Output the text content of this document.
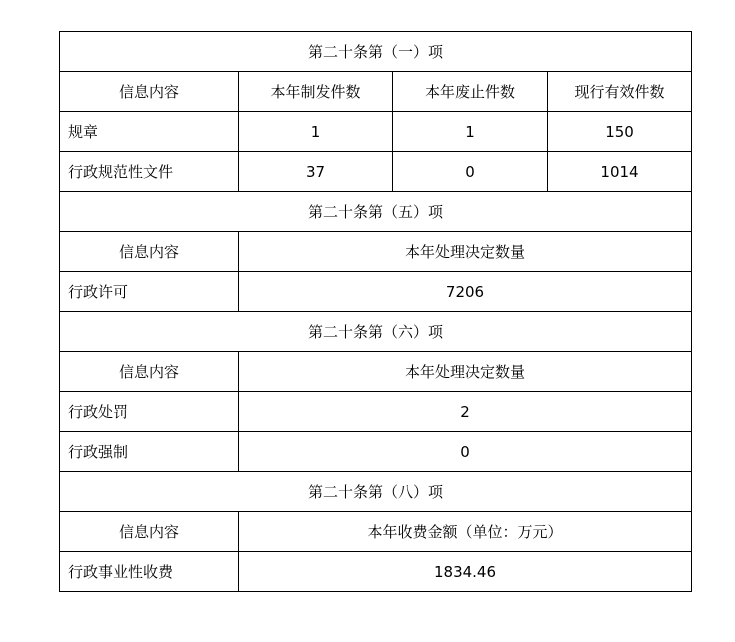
第二十条第（一）项			
信息内容	本年制发件数	本年废止件数	现行有效件数
规章	1	1	150
行政规范性文件	37	0	1014
第二十条第（五）项			
信息内容	本年处理决定数量		
行政许可	7206		
第二十条第（六）项			
信息内容	本年处理决定数量		
行政处罚	2		
行政强制	0		
第二十条第（八）项			
信息内容	本年收费金额（单位：万元）		
行政事业性收费	1834.46		
